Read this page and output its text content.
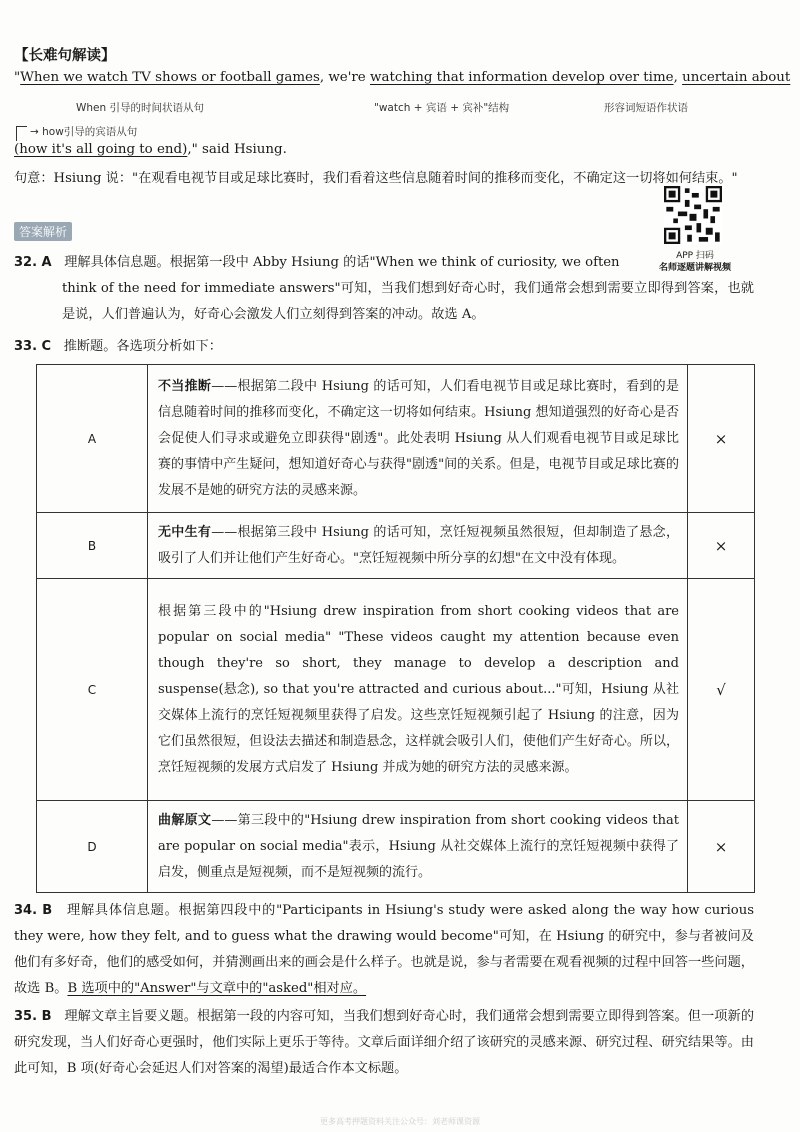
【长难句解读】
"When we watch TV shows or football games, we're watching that information develop over time, uncertain about
When 引导的时间状语从句	"watch + 宾语 + 宾补"结构	形容词短语作状语
→ how引导的宾语从句
(how it's all going to end)," said Hsiung.
句意：Hsiung 说："在观看电视节目或足球比赛时，我们看着这些信息随着时间的推移而变化，不确定这一切将如何结束。"
答案解析
APP 扫码
名师逐题讲解视频
32. A 理解具体信息题。根据第一段中 Abby Hsiung 的话"When we think of curiosity, we often
think of the need for immediate answers"可知，当我们想到好奇心时，我们通常会想到需要立即得到答案，也就是说，人们普遍认为，好奇心会激发人们立刻得到答案的冲动。故选 A。
33. C 推断题。各选项分析如下：
A	不当推断——根据第二段中 Hsiung 的话可知，人们看电视节目或足球比赛时，看到的是信息随着时间的推移而变化，不确定这一切将如何结束。Hsiung 想知道强烈的好奇心是否会促使人们寻求或避免立即获得"剧透"。此处表明 Hsiung 从人们观看电视节目或足球比赛的事情中产生疑问，想知道好奇心与获得"剧透"间的关系。但是，电视节目或足球比赛的发展不是她的研究方法的灵感来源。	×
B	无中生有——根据第三段中 Hsiung 的话可知，烹饪短视频虽然很短，但却制造了悬念，吸引了人们并让他们产生好奇心。"烹饪短视频中所分享的幻想"在文中没有体现。	×
C	根据第三段中的"Hsiung drew inspiration from short cooking videos that are popular on social media" "These videos caught my attention because even though they're so short, they manage to develop a description and suspense(悬念), so that you're attracted and curious about..."可知，Hsiung 从社交媒体上流行的烹饪短视频里获得了启发。这些烹饪短视频引起了 Hsiung 的注意，因为它们虽然很短，但设法去描述和制造悬念，这样就会吸引人们，使他们产生好奇心。所以，烹饪短视频的发展方式启发了 Hsiung 并成为她的研究方法的灵感来源。	√
D	曲解原文——第三段中的"Hsiung drew inspiration from short cooking videos that are popular on social media"表示，Hsiung 从社交媒体上流行的烹饪短视频中获得了启发，侧重点是短视频，而不是短视频的流行。	×
34. B 理解具体信息题。根据第四段中的"Participants in Hsiung's study were asked along the way how curious they were, how they felt, and to guess what the drawing would become"可知，在 Hsiung 的研究中，参与者被问及他们有多好奇，他们的感受如何，并猜测画出来的画会是什么样子。也就是说，参与者需要在观看视频的过程中回答一些问题，故选 B。B 选项中的"Answer"与文章中的"asked"相对应。
35. B 理解文章主旨要义题。根据第一段的内容可知，当我们想到好奇心时，我们通常会想到需要立即得到答案。但一项新的研究发现，当人们好奇心更强时，他们实际上更乐于等待。文章后面详细介绍了该研究的灵感来源、研究过程、研究结果等。由此可知，B 项(好奇心会延迟人们对答案的渴望)最适合作本文标题。
更多高考押题资料关注公众号：刘老师课资源
